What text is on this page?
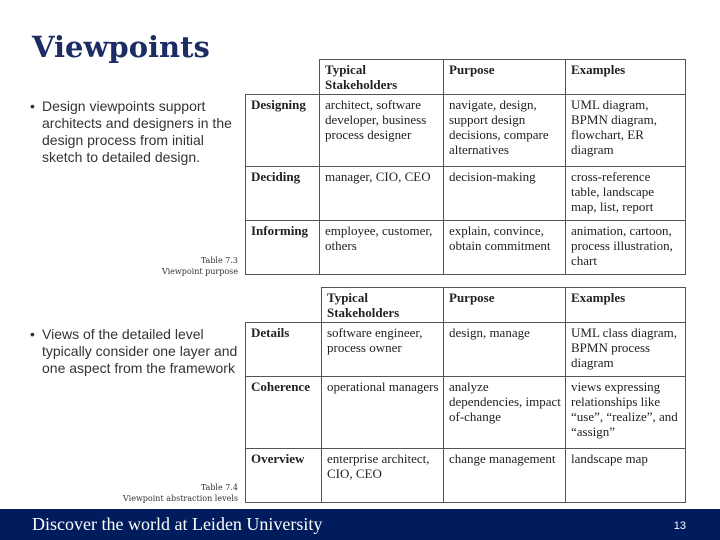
Viewpoints
• Design viewpoints support architects and designers in the design process from initial sketch to detailed design.
Table 7.3
Viewpoint purpose
	Typical Stakeholders	Purpose	Examples
Designing	architect, software developer, business process designer	navigate, design, support design decisions, compare alternatives	UML diagram, BPMN diagram, flowchart, ER diagram
Deciding	manager, CIO, CEO	decision-making	cross-reference table, landscape map, list, report
Informing	employee, customer, others	explain, convince, obtain commitment	animation, cartoon, process illustration, chart
• Views of the detailed level typically consider one layer and one aspect from the framework
Table 7.4
Viewpoint abstraction levels
	Typical Stakeholders	Purpose	Examples
Details	software engineer, process owner	design, manage	UML class diagram, BPMN process diagram
Coherence	operational managers	analyze dependencies, impact of-change	views expressing relationships like “use”, “realize”, and “assign”
Overview	enterprise architect, CIO, CEO	change management	landscape map
Discover the world at Leiden University	13
